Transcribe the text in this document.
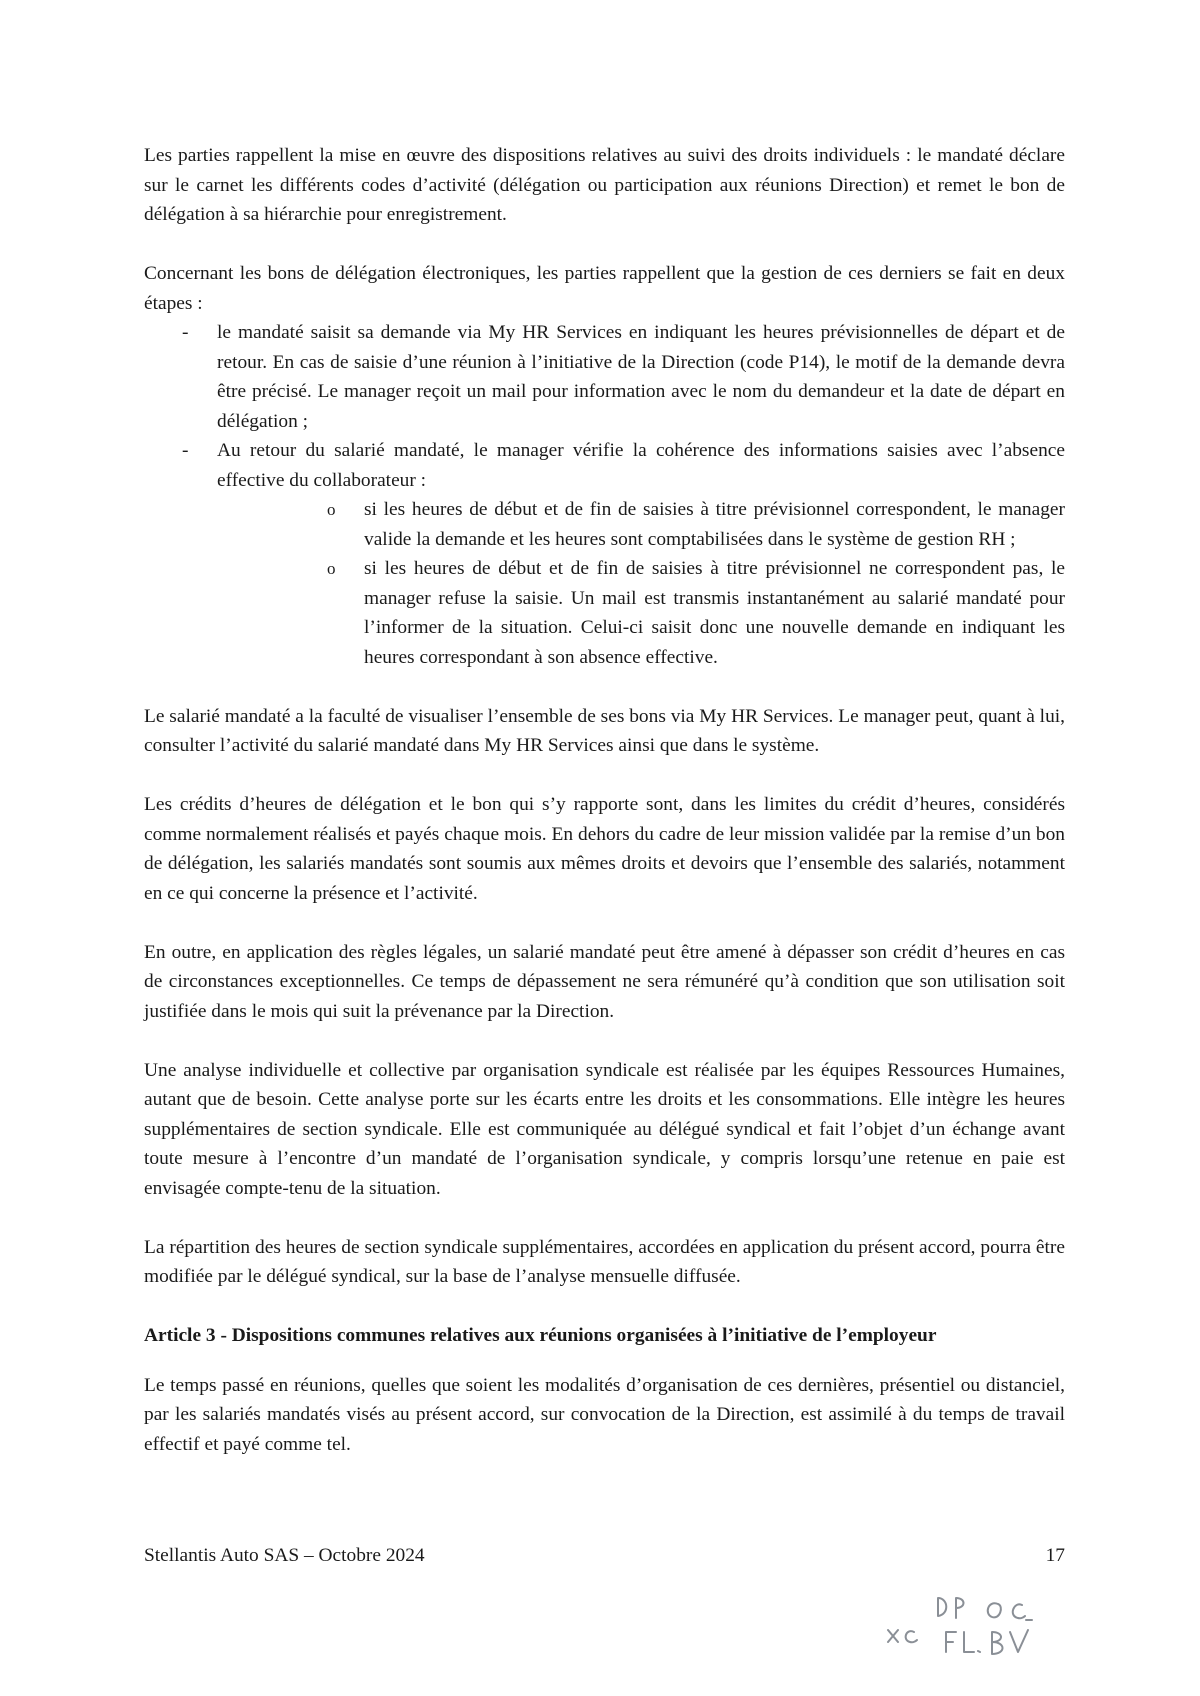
Les parties rappellent la mise en œuvre des dispositions relatives au suivi des droits individuels : le mandaté déclare sur le carnet les différents codes d’activité (délégation ou participation aux réunions Direction) et remet le bon de délégation à sa hiérarchie pour enregistrement.

Concernant les bons de délégation électroniques, les parties rappellent que la gestion de ces derniers se fait en deux étapes :

- le mandaté saisit sa demande via My HR Services en indiquant les heures prévisionnelles de départ et de retour. En cas de saisie d’une réunion à l’initiative de la Direction (code P14), le motif de la demande devra être précisé. Le manager reçoit un mail pour information avec le nom du demandeur et la date de départ en délégation ;
- Au retour du salarié mandaté, le manager vérifie la cohérence des informations saisies avec l’absence effective du collaborateur :
o si les heures de début et de fin de saisies à titre prévisionnel correspondent, le manager valide la demande et les heures sont comptabilisées dans le système de gestion RH ;
o si les heures de début et de fin de saisies à titre prévisionnel ne correspondent pas, le manager refuse la saisie. Un mail est transmis instantanément au salarié mandaté pour l’informer de la situation. Celui-ci saisit donc une nouvelle demande en indiquant les heures correspondant à son absence effective.

Le salarié mandaté a la faculté de visualiser l’ensemble de ses bons via My HR Services. Le manager peut, quant à lui, consulter l’activité du salarié mandaté dans My HR Services ainsi que dans le système.

Les crédits d’heures de délégation et le bon qui s’y rapporte sont, dans les limites du crédit d’heures, considérés comme normalement réalisés et payés chaque mois. En dehors du cadre de leur mission validée par la remise d’un bon de délégation, les salariés mandatés sont soumis aux mêmes droits et devoirs que l’ensemble des salariés, notamment en ce qui concerne la présence et l’activité.

En outre, en application des règles légales, un salarié mandaté peut être amené à dépasser son crédit d’heures en cas de circonstances exceptionnelles. Ce temps de dépassement ne sera rémunéré qu’à condition que son utilisation soit justifiée dans le mois qui suit la prévenance par la Direction.

Une analyse individuelle et collective par organisation syndicale est réalisée par les équipes Ressources Humaines, autant que de besoin. Cette analyse porte sur les écarts entre les droits et les consommations. Elle intègre les heures supplémentaires de section syndicale. Elle est communiquée au délégué syndical et fait l’objet d’un échange avant toute mesure à l’encontre d’un mandaté de l’organisation syndicale, y compris lorsqu’une retenue en paie est envisagée compte-tenu de la situation.

La répartition des heures de section syndicale supplémentaires, accordées en application du présent accord, pourra être modifiée par le délégué syndical, sur la base de l’analyse mensuelle diffusée.

Article 3 - Dispositions communes relatives aux réunions organisées à l’initiative de l’employeur

Le temps passé en réunions, quelles que soient les modalités d’organisation de ces dernières, présentiel ou distanciel, par les salariés mandatés visés au présent accord, sur convocation de la Direction, est assimilé à du temps de travail effectif et payé comme tel.

Stellantis Auto SAS – Octobre 2024	17
